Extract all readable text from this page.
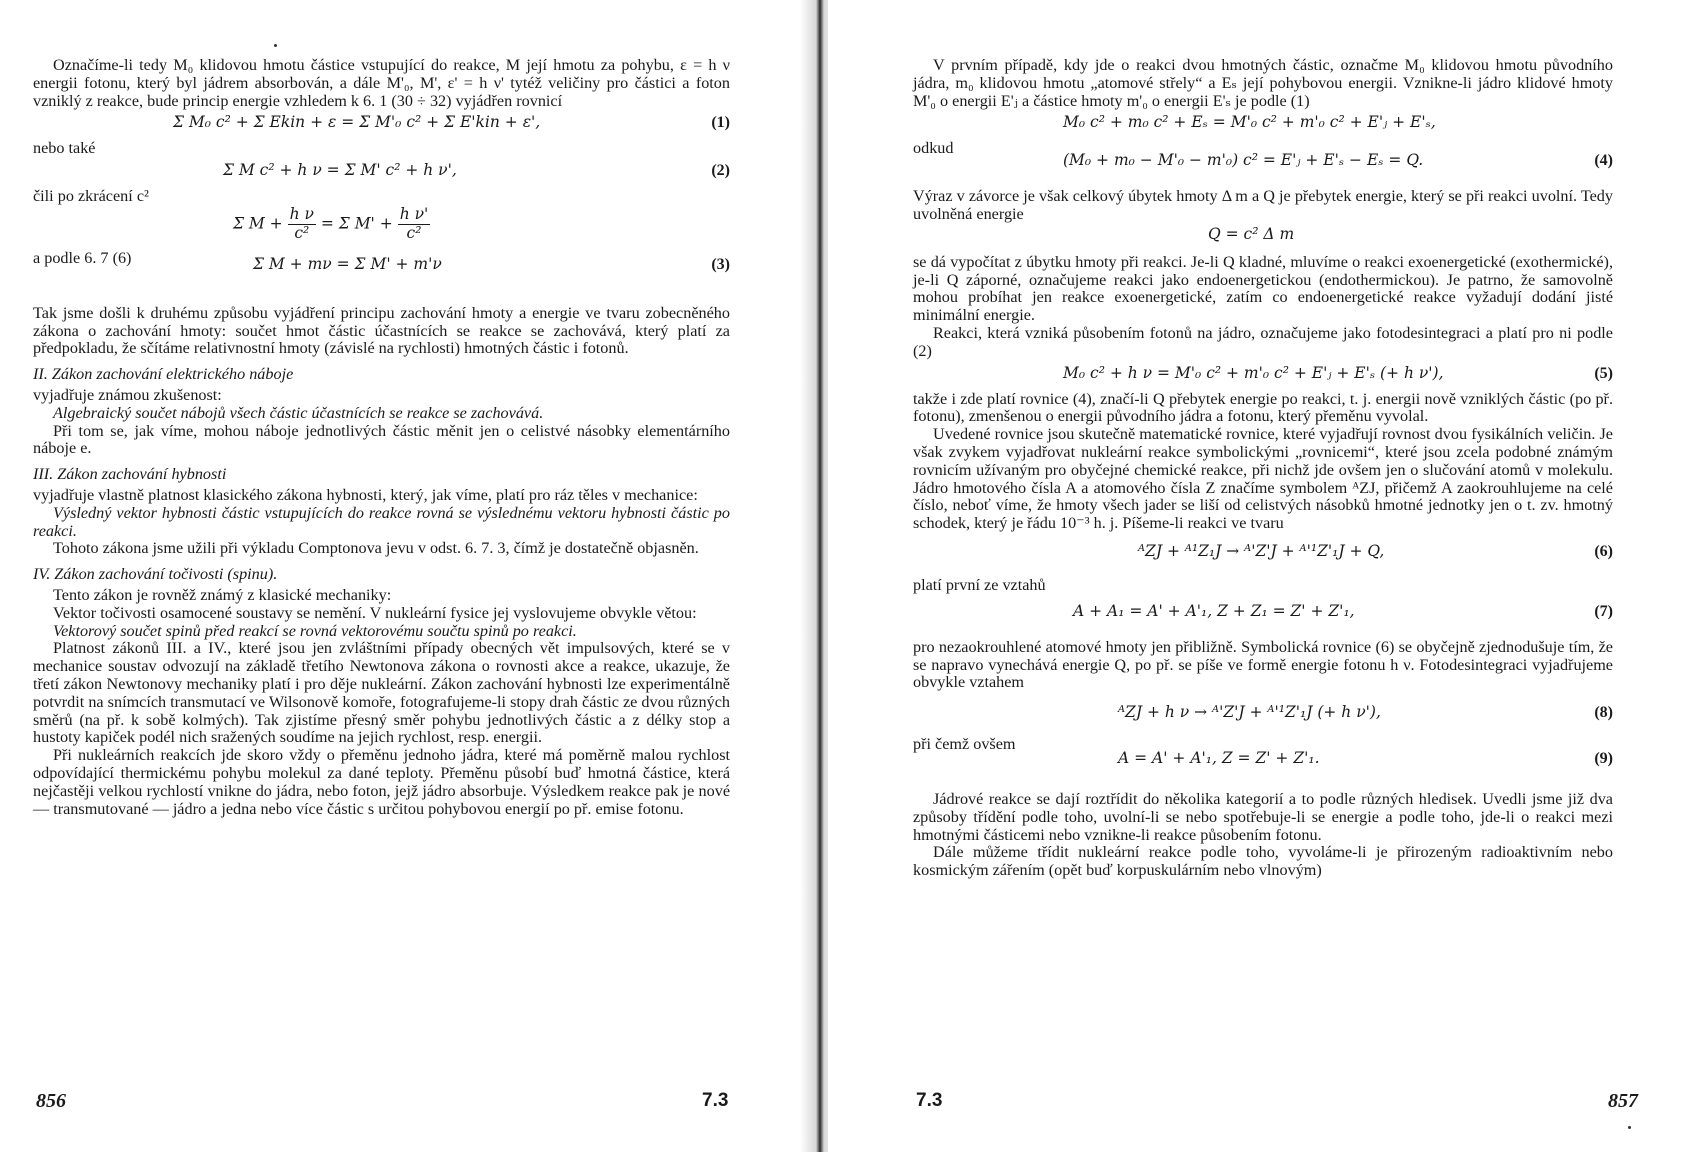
Označíme-li tedy M₀ klidovou hmotu částice vstupující do reakce, M její hmotu za pohybu, ε = h ν energii fotonu, který byl jádrem absorbován, a dále M'₀, M', ε' = h ν' tytéž veličiny pro částici a foton vzniklý z reakce, bude princip energie vzhledem k 6. 1 (30 ÷ 32) vyjádřen rovnicí

Σ M₀ c² + Σ Ekin + ε = Σ M'₀ c² + Σ E'kin + ε',	(1)

nebo také

Σ M c² + h ν = Σ M' c² + h ν',	(2)

čili po zkrácení c²

Σ $M + \frac{\text{h ν}}{\text{c²}} = \Sigma$ $M' + \frac{\text{h ν'}}{\text{c²}}$

a podle 6. 7 (6)	Σ M + mν = Σ M' + m'ν	(3)

Tak jsme došli k druhému způsobu vyjádření principu zachování hmoty a energie ve tvaru zobecněného zákona o zachování hmoty: součet hmot částic účastnících se reakce se zachovává, který platí za předpokladu, že sčítáme relativnostní hmoty (závislé na rychlosti) hmotných částic i fotonů.

II. Zákon zachování elektrického náboje

vyjadřuje známou zkušenost:

Algebraický součet nábojů všech částic účastnících se reakce se zachovává.

Při tom se, jak víme, mohou náboje jednotlivých částic měnit jen o celistvé násobky elementárního náboje e.

III. Zákon zachování hybnosti

vyjadřuje vlastně platnost klasického zákona hybnosti, který, jak víme, platí pro ráz těles v mechanice:

Výsledný vektor hybnosti částic vstupujících do reakce rovná se výslednému vektoru hybnosti částic po reakci.

Tohoto zákona jsme užili při výkladu Comptonova jevu v odst. 6. 7. 3, čímž je dostatečně objasněn.

IV. Zákon zachování točivosti (spinu).

Tento zákon je rovněž známý z klasické mechaniky:

Vektor točivosti osamocené soustavy se nemění. V nukleární fysice jej vyslovujeme obvykle větou:

Vektorový součet spinů před reakcí se rovná vektorovému součtu spinů po reakci.

Platnost zákonů III. a IV., které jsou jen zvláštními případy obecných vět impulsových, které se v mechanice soustav odvozují na základě třetího Newtonova zákona o rovnosti akce a reakce, ukazuje, že třetí zákon Newtonovy mechaniky platí i pro děje nukleární. Zákon zachování hybnosti lze experimentálně potvrdit na snímcích transmutací ve Wilsonově komoře, fotografujeme-li stopy drah částic ze dvou různých směrů (na př. k sobě kolmých). Tak zjistíme přesný směr pohybu jednotlivých částic a z délky stop a hustoty kapiček podél nich sražených soudíme na jejich rychlost, resp. energii.

Při nukleárních reakcích jde skoro vždy o přeměnu jednoho jádra, které má poměrně malou rychlost odpovídající thermickému pohybu molekul za dané teploty. Přeměnu působí buď hmotná částice, která nejčastěji velkou rychlostí vnikne do jádra, nebo foton, jejž jádro absorbuje. Výsledkem reakce pak je nové — transmutované — jádro a jedna nebo více částic s určitou pohybovou energií po př. emise fotonu.

856	7.3

V prvním případě, kdy jde o reakci dvou hmotných částic, označme M₀ klidovou hmotu původního jádra, m₀ klidovou hmotu „atomové střely“ a Eₛ její pohybovou energii. Vznikne-li jádro klidové hmoty M'₀ o energii E'ⱼ a částice hmoty m'₀ o energii E'ₛ je podle (1)

M₀ c² + m₀ c² + Eₛ = M'₀ c² + m'₀ c² + E'ⱼ + E'ₛ,

odkud

(M₀ + m₀ − M'₀ − m'₀) c² = E'ⱼ + E'ₛ − Eₛ = Q.	(4)

Výraz v závorce je však celkový úbytek hmoty Δ m a Q je přebytek energie, který se při reakci uvolní. Tedy uvolněná energie

Q = c² Δ m

se dá vypočítat z úbytku hmoty při reakci. Je-li Q kladné, mluvíme o reakci exoenergetické (exothermické), je-li Q záporné, označujeme reakci jako endoenergetickou (endothermickou). Je patrno, že samovolně mohou probíhat jen reakce exoenergetické, zatím co endoenergetické reakce vyžadují dodání jisté minimální energie.

Reakci, která vzniká působením fotonů na jádro, označujeme jako fotodesintegraci a platí pro ni podle (2)

M₀ c² + h ν = M'₀ c² + m'₀ c² + E'ⱼ + E'ₛ (+ h ν'),	(5)

takže i zde platí rovnice (4), značí-li Q přebytek energie po reakci, t. j. energii nově vzniklých částic (po př. fotonu), zmenšenou o energii původního jádra a fotonu, který přeměnu vyvolal.

Uvedené rovnice jsou skutečně matematické rovnice, které vyjadřují rovnost dvou fysikálních veličin. Je však zvykem vyjadřovat nukleární reakce symbolickými „rovnicemi“, které jsou zcela podobné známým rovnicím užívaným pro obyčejné chemické reakce, při nichž jde ovšem jen o slučování atomů v molekulu. Jádro hmotového čísla A a atomového čísla Z značíme symbolem ᴬZJ, přičemž A zaokrouhlujeme na celé číslo, neboť víme, že hmoty všech jader se liší od celistvých násobků hmotné jednotky jen o t. zv. hmotný schodek, který je řádu 10⁻³ h. j. Píšeme-li reakci ve tvaru

ᴬZJ + ᴬ¹Z₁J → ᴬ'Z'J + ᴬ'¹Z'₁J + Q,	(6)

platí první ze vztahů

A + A₁ = A' + A'₁, Z + Z₁ = Z' + Z'₁,	(7)

pro nezaokrouhlené atomové hmoty jen přibližně. Symbolická rovnice (6) se obyčejně zjednodušuje tím, že se napravo vynechává energie Q, po př. se píše ve formě energie fotonu h ν. Fotodesintegraci vyjadřujeme obvykle vztahem

ᴬZJ + h ν → ᴬ'Z'J + ᴬ'¹Z'₁J (+ h ν'),	(8)

při čemž ovšem

A = A' + A'₁, Z = Z' + Z'₁.	(9)

Jádrové reakce se dají roztřídit do několika kategorií a to podle různých hledisek. Uvedli jsme již dva způsoby třídění podle toho, uvolní-li se nebo spotřebuje-li se energie a podle toho, jde-li o reakci mezi hmotnými částicemi nebo vznikne-li reakce působením fotonu.

Dále můžeme třídit nukleární reakce podle toho, vyvoláme-li je přirozeným radioaktivním nebo kosmickým zářením (opět buď korpuskulárním nebo vlnovým)

7.3	857
